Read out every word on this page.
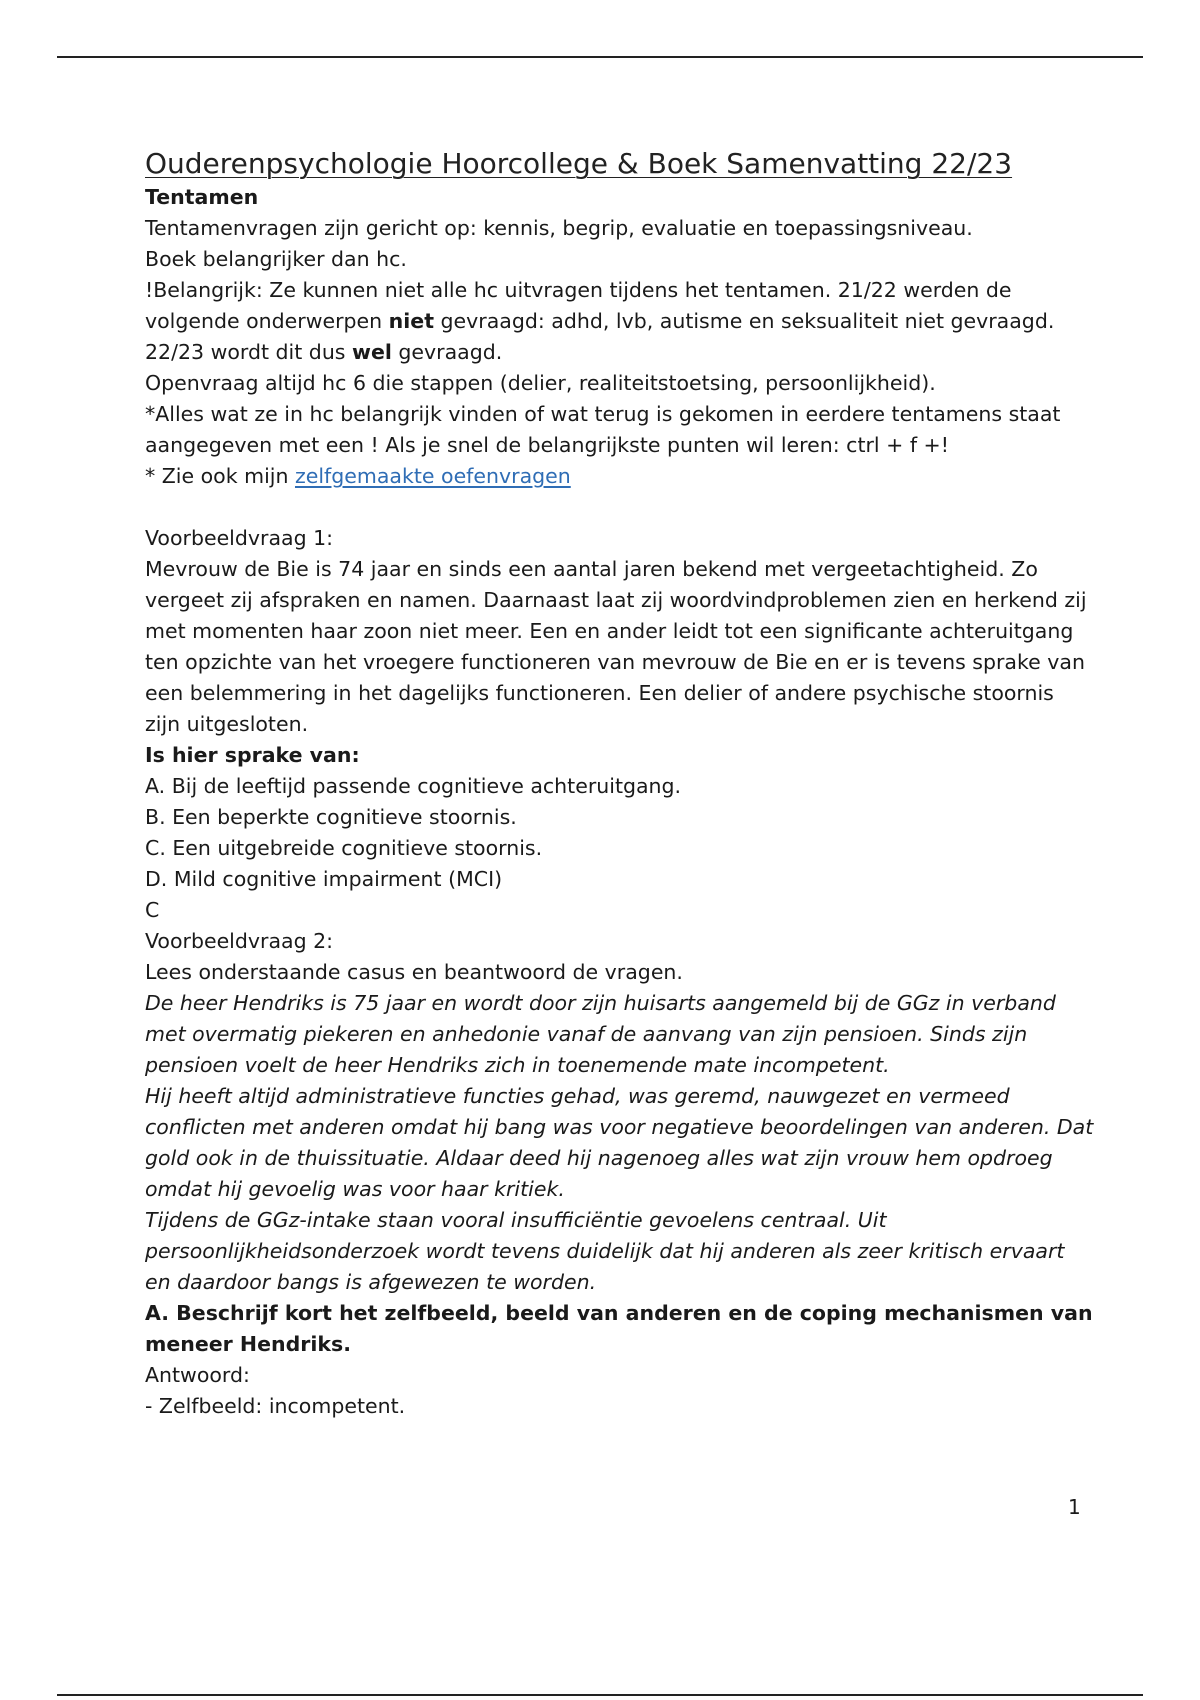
Ouderenpsychologie Hoorcollege & Boek Samenvatting 22/23
Tentamen
Tentamenvragen zijn gericht op: kennis, begrip, evaluatie en toepassingsniveau.
Boek belangrijker dan hc.
!Belangrijk: Ze kunnen niet alle hc uitvragen tijdens het tentamen. 21/22 werden de volgende onderwerpen niet gevraagd: adhd, lvb, autisme en seksualiteit niet gevraagd. 22/23 wordt dit dus wel gevraagd.
Openvraag altijd hc 6 die stappen (delier, realiteitstoetsing, persoonlijkheid).
*Alles wat ze in hc belangrijk vinden of wat terug is gekomen in eerdere tentamens staat aangegeven met een ! Als je snel de belangrijkste punten wil leren: ctrl + f +!
* Zie ook mijn zelfgemaakte oefenvragen
Voorbeeldvraag 1:
Mevrouw de Bie is 74 jaar en sinds een aantal jaren bekend met vergeetachtigheid. Zo vergeet zij afspraken en namen. Daarnaast laat zij woordvindproblemen zien en herkend zij met momenten haar zoon niet meer. Een en ander leidt tot een significante achteruitgang ten opzichte van het vroegere functioneren van mevrouw de Bie en er is tevens sprake van een belemmering in het dagelijks functioneren. Een delier of andere psychische stoornis zijn uitgesloten.
Is hier sprake van:
A. Bij de leeftijd passende cognitieve achteruitgang.
B. Een beperkte cognitieve stoornis.
C. Een uitgebreide cognitieve stoornis.
D. Mild cognitive impairment (MCI)
C
Voorbeeldvraag 2:
Lees onderstaande casus en beantwoord de vragen.
De heer Hendriks is 75 jaar en wordt door zijn huisarts aangemeld bij de GGz in verband met overmatig piekeren en anhedonie vanaf de aanvang van zijn pensioen. Sinds zijn pensioen voelt de heer Hendriks zich in toenemende mate incompetent.
Hij heeft altijd administratieve functies gehad, was geremd, nauwgezet en vermeed conflicten met anderen omdat hij bang was voor negatieve beoordelingen van anderen. Dat gold ook in de thuissituatie. Aldaar deed hij nagenoeg alles wat zijn vrouw hem opdroeg omdat hij gevoelig was voor haar kritiek.
Tijdens de GGz-intake staan vooral insufficiëntie gevoelens centraal. Uit persoonlijkheidsonderzoek wordt tevens duidelijk dat hij anderen als zeer kritisch ervaart en daardoor bangs is afgewezen te worden.
A. Beschrijf kort het zelfbeeld, beeld van anderen en de coping mechanismen van meneer Hendriks.
Antwoord:
- Zelfbeeld: incompetent.
1
